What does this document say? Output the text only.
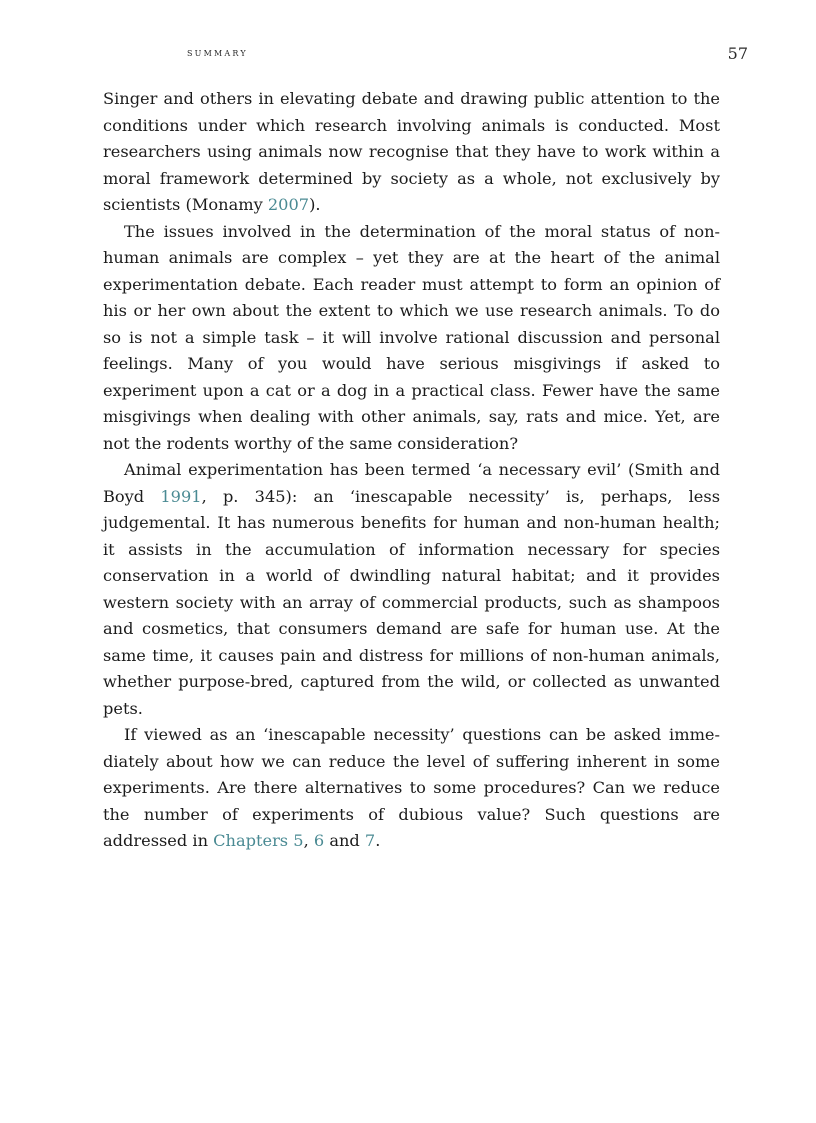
summary	57

Singer and others in elevating debate and drawing public attention to the conditions under which research involving animals is conducted. Most researchers using animals now recognise that they have to work within a moral framework determined by society as a whole, not exclusively by scientists (Monamy 2007).

The issues involved in the determination of the moral status of non-human animals are complex – yet they are at the heart of the animal experimentation debate. Each reader must attempt to form an opinion of his or her own about the extent to which we use research animals. To do so is not a simple task – it will involve rational discussion and personal feelings. Many of you would have serious misgivings if asked to experiment upon a cat or a dog in a practical class. Fewer have the same misgivings when dealing with other animals, say, rats and mice. Yet, are not the rodents worthy of the same consideration?

Animal experimentation has been termed ‘a necessary evil’ (Smith and Boyd 1991, p. 345): an ‘inescapable necessity’ is, perhaps, less judgemental. It has numerous benefits for human and non-human health; it assists in the accumulation of information necessary for species conservation in a world of dwindling natural habitat; and it provides western society with an array of commercial products, such as shampoos and cosmetics, that consumers demand are safe for human use. At the same time, it causes pain and distress for millions of non-human animals, whether purpose-bred, captured from the wild, or collected as unwanted pets.

If viewed as an ‘inescapable necessity’ questions can be asked immediately about how we can reduce the level of suffering inherent in some experiments. Are there alternatives to some procedures? Can we reduce the number of experiments of dubious value? Such questions are addressed in Chapters 5, 6 and 7.
